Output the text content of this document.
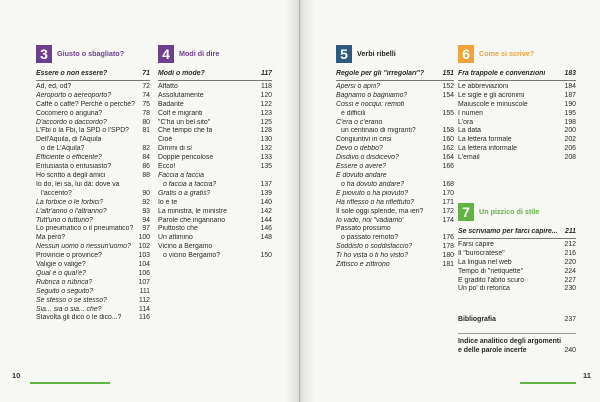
3	Giusto o sbagliato?
Essere o non essere?	71
Ad, ed, od?	72
Aeroporto o aereoporto?	74
Caffè o caffé? Perché o perchè? 75
Cocomero o anguria?	78
D'accordo o daccordo?	80
L'Fbi o la Fbi, la SPD o l'SPD? 81
Dell'Aquila, di l'Aquila
o de L'Aquila?	82
Efficiente o efficente?	84
Entusiasta o entusiasto?	86
Ho scritto a degli amici	88
Io do, lei sa, lui dà: dove va
l'accento?	90
La forbice o le forbici?	92
L'altr'anno o l'altranno?	93
Tutt'uno o tuttuno?	94
Lo pneumatico o il pneumatico? 97
Ma però?	100
Nessun uomo o nessun'uomo? 102
Provincie o province?	103
Valigie o valige?	104
Qual è o qual'è?	106
Rubrica o rùbrica?	107
Seguito o seguito?	111
Sé stesso o se stesso?	112
Sia... sia o sia... che?	114
Stavolta gli dico o le dico...?	116
4	Modi di dire
Modi o mode?	117
Affatto	118
Assolutamente	120
Badante	122
Colf e migranti	123
"C'ha un bel sito"	125
Che tempo che fa	128
Cioè	130
Dimmi di sì	132
Doppie pericolose	133
Ecco!	135
Faccia a faccia
o faccia a faccia?	137
Gratis o a gratis?	139
Io e te	140
La ministra, le ministre	142
Parole che ingannano	144
Piuttosto che	146
Un attimino	148
Vicino a Bergamo
o vicino Bergamo?	150
5	Verbi ribelli
Regole per gli "irregolari"?	151
Apersi o aprii?	152
Bagnamo o bagniamo?	154
Cossi e nocqui: remoti
e difficili	155
C'era o c'erano
un centinaio di migranti?	158
Congiuntivi in crisi	160
Devo o debbo?	162
Disdivo o disdicevo?	164
Essere o avere?	166
È dovuto andare
o ha dovuto andare?	168
È piovuto o ha piovuto?	170
Ha riflesso o ha riflettuto?	171
Il sole oggi splende, ma ieri?	172
Io vado, noi "vadiamo"	174
Passato prossimo
o passato remoto?	176
Soddisfo o soddisfaccio?	178
Ti ho vista o ti ho visto?	180
Zittisco e zittirono	181
6	Come si scrive?
Fra trappole e convenzioni	183
Le abbreviazioni	184
Le sigle e gli acronimi	187
Maiuscole e minuscole	190
I numeri	195
L'ora	198
La data	200
La lettera formale	202
La lettera informale	206
L'email	208
7	Un pizzico di stile
Se scriviamo per farci capire... 211
Farsi capire	212
Il "burocratese"	216
La lingua nel web	220
Tempo di "netiquette"	224
È gradito l'abito scuro	227
Un po' di retorica	230
Bibliografia	237
Indice analitico degli argomenti
e delle parole incerte	240
10	11
